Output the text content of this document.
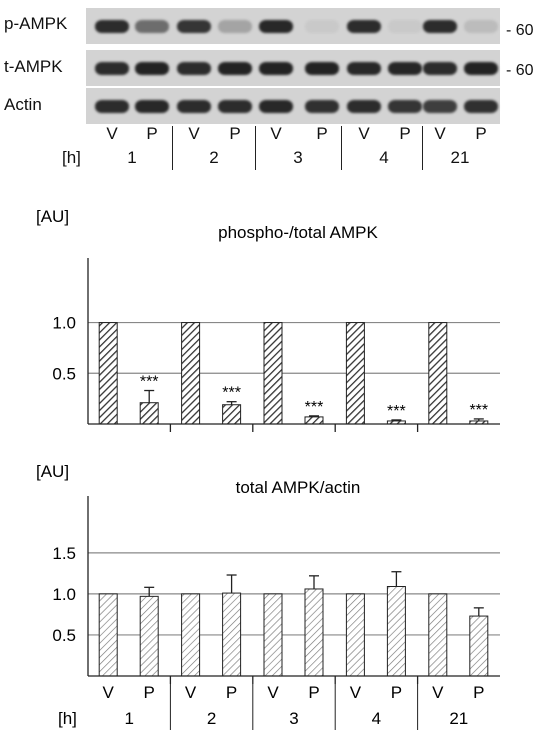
p-AMPK	- 60
t-AMPK	- 60
Actin
V P V P V P V P V P
[h]	1	2	3	4	21
phospho-/total AMPK
[AU]
0.5
1.0
***
***
***	***	***
total AMPK/actin
[AU]
0.5
1.0
1.5
V P
1
V P
2
V P
3
V P
4
V P
21
[h]
